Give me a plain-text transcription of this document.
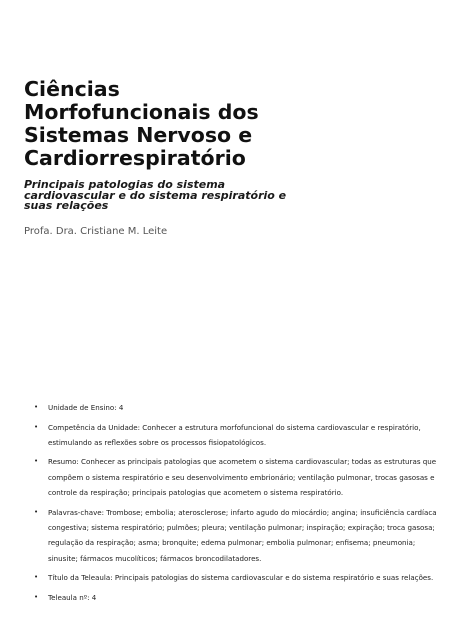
Ciências
Morfofuncionais dos
Sistemas Nervoso e
Cardiorrespiratório
Principais patologias do sistema
cardiovascular e do sistema respiratório e
suas relações

Profa. Dra. Cristiane M. Leite

• Unidade de Ensino: 4
• Competência da Unidade: Conhecer a estrutura morfofuncional do sistema cardiovascular e respiratório,
estimulando as reflexões sobre os processos fisiopatológicos.
• Resumo: Conhecer as principais patologias que acometem o sistema cardiovascular; todas as estruturas que
compõem o sistema respiratório e seu desenvolvimento embrionário; ventilação pulmonar, trocas gasosas e
controle da respiração; principais patologias que acometem o sistema respiratório.
• Palavras-chave: Trombose; embolia; aterosclerose; infarto agudo do miocárdio; angina; insuficiência cardíaca
congestiva; sistema respiratório; pulmões; pleura; ventilação pulmonar; inspiração; expiração; troca gasosa;
regulação da respiração; asma; bronquite; edema pulmonar; embolia pulmonar; enfisema; pneumonia;
sinusite; fármacos mucolíticos; fármacos broncodilatadores.
• Título da Teleaula: Principais patologias do sistema cardiovascular e do sistema respiratório e suas relações.
• Teleaula nº: 4
